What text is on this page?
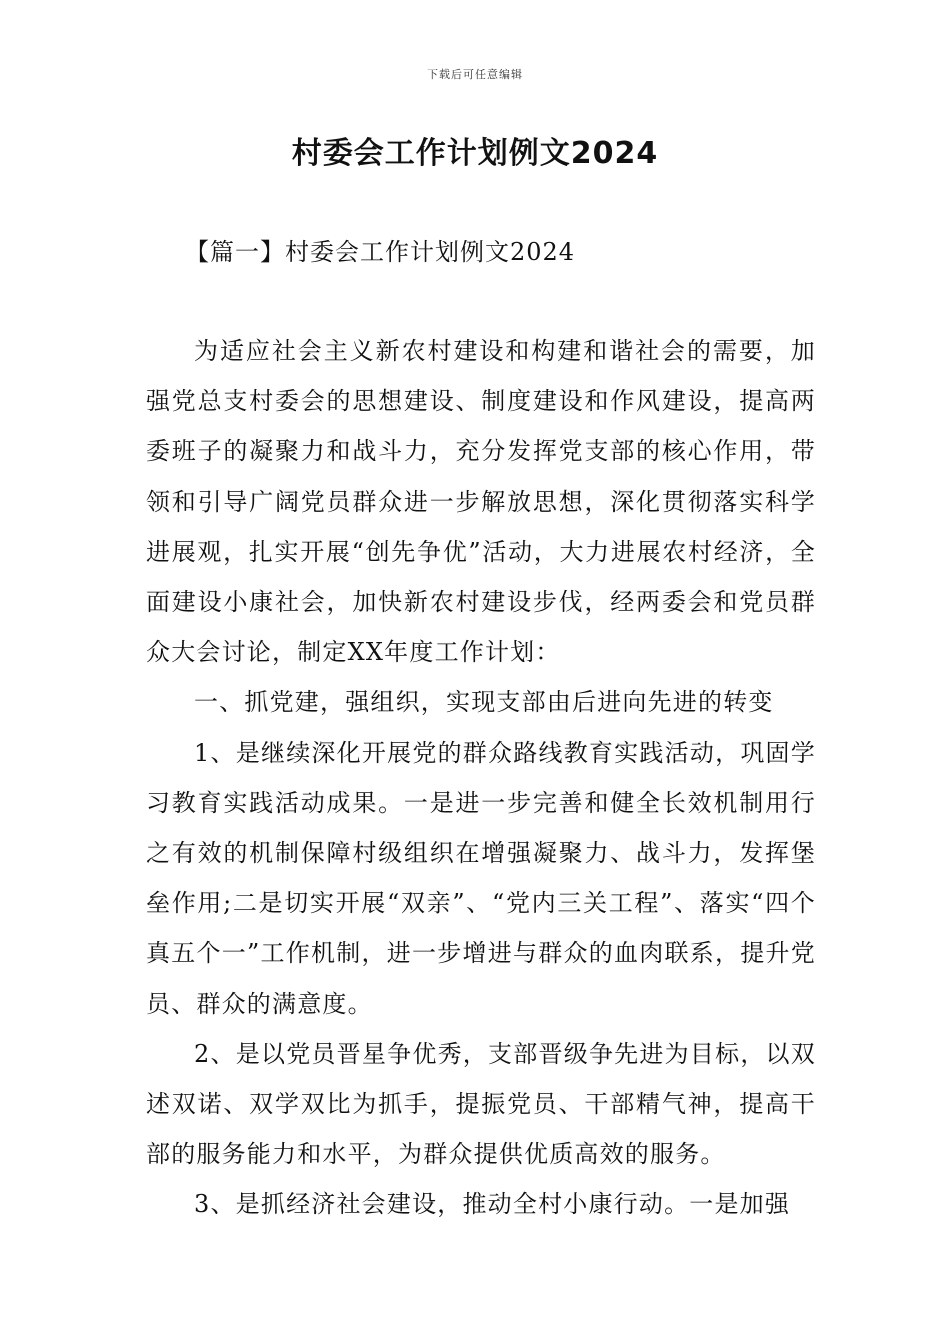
下载后可任意编辑
村委会工作计划例文2024
【篇一】村委会工作计划例文2024

为适应社会主义新农村建设和构建和谐社会的需要，加强党总支村委会的思想建设、制度建设和作风建设，提高两委班子的凝聚力和战斗力，充分发挥党支部的核心作用，带领和引导广阔党员群众进一步解放思想，深化贯彻落实科学进展观，扎实开展“创先争优”活动，大力进展农村经济，全面建设小康社会，加快新农村建设步伐，经两委会和党员群众大会讨论，制定XX年度工作计划：

一、抓党建，强组织，实现支部由后进向先进的转变

1、是继续深化开展党的群众路线教育实践活动，巩固学习教育实践活动成果。一是进一步完善和健全长效机制用行之有效的机制保障村级组织在增强凝聚力、战斗力，发挥堡垒作用;二是切实开展“双亲”、“党内三关工程”、落实“四个真五个一”工作机制，进一步增进与群众的血肉联系，提升党员、群众的满意度。

2、是以党员晋星争优秀，支部晋级争先进为目标，以双述双诺、双学双比为抓手，提振党员、干部精气神，提高干部的服务能力和水平，为群众提供优质高效的服务。

3、是抓经济社会建设，推动全村小康行动。一是加强
